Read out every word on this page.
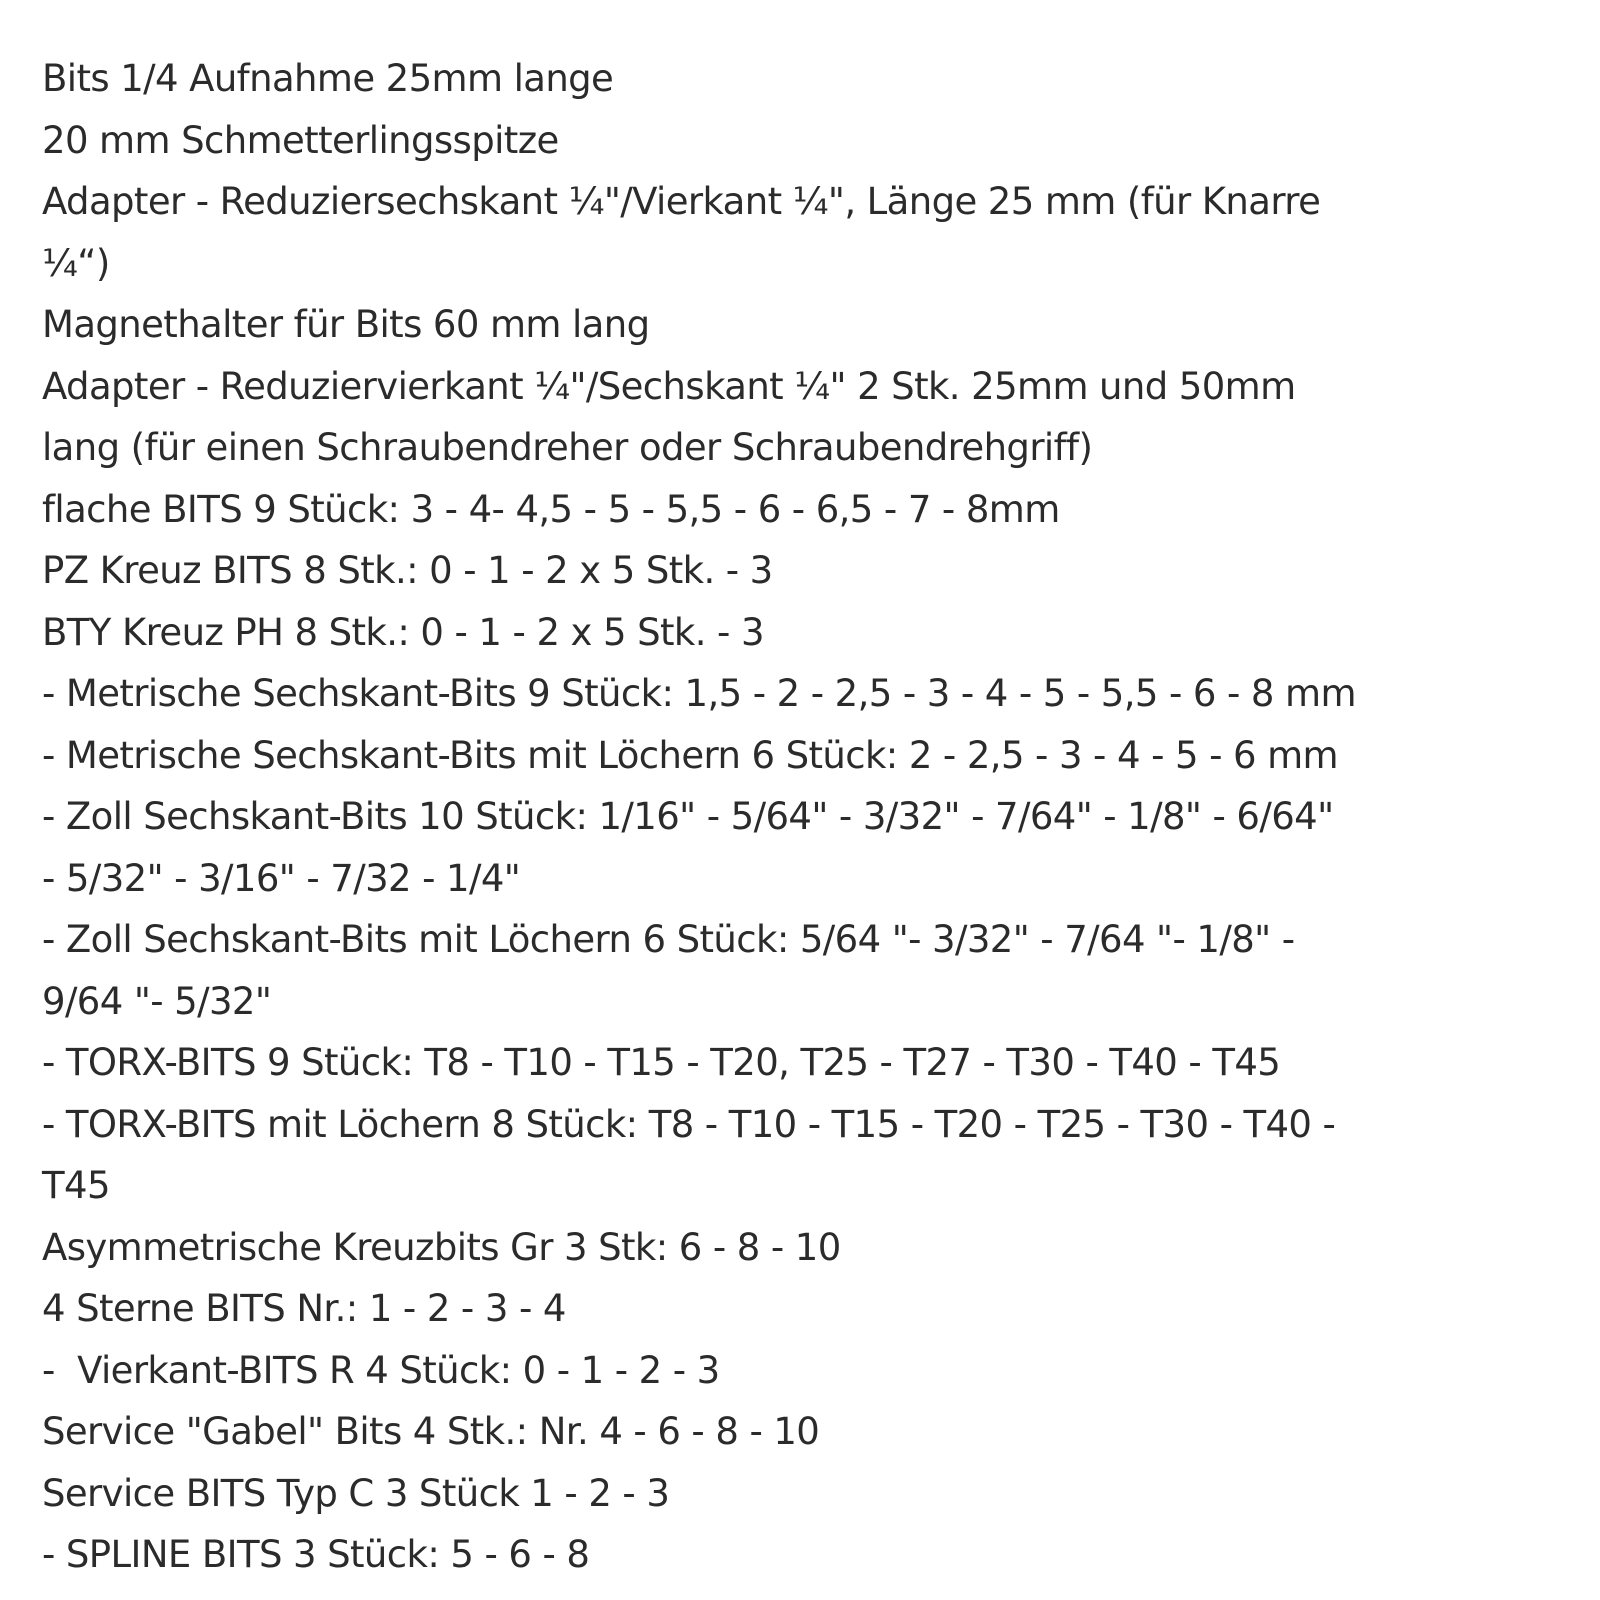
Bits 1/4 Aufnahme 25mm lange

20 mm Schmetterlingsspitze

Adapter - Reduziersechskant ¼"/Vierkant ¼", Länge 25 mm (für Knarre

¼“)

Magnethalter für Bits 60 mm lang

Adapter - Reduziervierkant ¼"/Sechskant ¼" 2 Stk. 25mm und 50mm

lang (für einen Schraubendreher oder Schraubendrehgriff)

flache BITS 9 Stück: 3 - 4- 4,5 - 5 - 5,5 - 6 - 6,5 - 7 - 8mm

PZ Kreuz BITS 8 Stk.: 0 - 1 - 2 x 5 Stk. - 3

BTY Kreuz PH 8 Stk.: 0 - 1 - 2 x 5 Stk. - 3

- Metrische Sechskant-Bits 9 Stück: 1,5 - 2 - 2,5 - 3 - 4 - 5 - 5,5 - 6 - 8 mm

- Metrische Sechskant-Bits mit Löchern 6 Stück: 2 - 2,5 - 3 - 4 - 5 - 6 mm

- Zoll Sechskant-Bits 10 Stück: 1/16" - 5/64" - 3/32" - 7/64" - 1/8" - 6/64"

- 5/32" - 3/16" - 7/32 - 1/4"

- Zoll Sechskant-Bits mit Löchern 6 Stück: 5/64 "- 3/32" - 7/64 "- 1/8" -

9/64 "- 5/32"

- TORX-BITS 9 Stück: T8 - T10 - T15 - T20, T25 - T27 - T30 - T40 - T45

- TORX-BITS mit Löchern 8 Stück: T8 - T10 - T15 - T20 - T25 - T30 - T40 -

T45

Asymmetrische Kreuzbits Gr 3 Stk: 6 - 8 - 10

4 Sterne BITS Nr.: 1 - 2 - 3 - 4

-  Vierkant-BITS R 4 Stück: 0 - 1 - 2 - 3

Service "Gabel" Bits 4 Stk.: Nr. 4 - 6 - 8 - 10

Service BITS Typ C 3 Stück 1 - 2 - 3

- SPLINE BITS 3 Stück: 5 - 6 - 8
